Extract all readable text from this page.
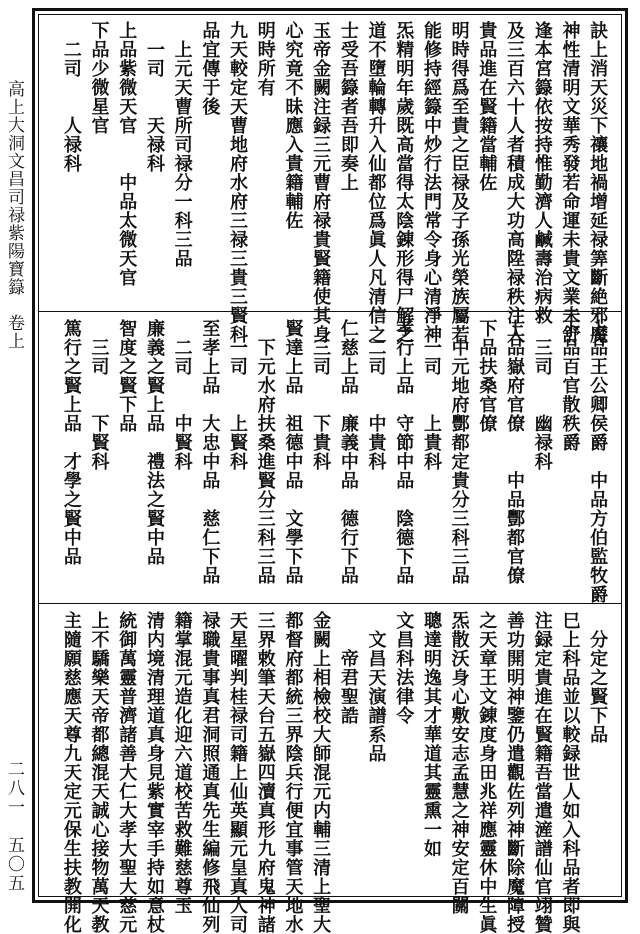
高上大洞文昌司禄紫陽寶籙　卷上
二八一　五〇五
訣上消天災下禳地禍增延禄筭斷絶邪魔
神性清明文華秀發若命運未貴文業未舒
逢本宮籙依按持惟勤濟人鹹壽治病救
及三百六十人者積成大功高陞禄秩注入
貴品進在賢籍當輔佐
明時得爲至貴之臣禄及子孫光榮族屬若
能修持經籙中炒行法門常令身心清淨神
炁精明年歲既高當得太陰錬形得尸解之
道不墮輪轉升入仙都位爲眞人凡清信之
士受吾籙者吾即奏上
玉帝金闕注録三元曹府禄貴賢籍使其身
心究竟不昧應入貴籍輔佐
明時所有
九天較定天曹地府水府三禄三貴三賢科
品宜傳于後
　上元天曹所司禄分一科三品
　一司　　天禄科
上品紫微天官　　中品太微天官
下品少微星官
　二司　　人禄科
上品王公卿侯爵　中品方伯監牧爵
下品百官散秩爵
　三司　　幽禄科
上品嶽府官僚　　中品酆都官僚
下品扶桑官僚
　中元地府酆都定貴分三科三品
　一司　　上貴科
孝行上品　守節中品　陰德下品
　二司　　中貴科
仁慈上品　廉義中品　德行下品
　三司　　下貴科
賢達上品　祖德中品　文學下品
　下元水府扶桑進賢分三科三品
　一司　　上賢科
至孝上品　大忠中品　慈仁下品
　二司　　中賢科
廉義之賢上品　禮法之賢中品
智度之賢下品
　三司　　下賢科
篤行之賢上品　才學之賢中品
　分定之賢下品
巳上科品並以較録世人如入科品者即與
注録定貴進在賢籍吾當遣滻譜仙官翊贊
善功開明神鑒仍遣觀佐列神斷除魔障授
之天章王文錬度身田兆祥應靈休中生眞
炁散沃身心敷安志孟慧之神安定百關
聰達明逸其才華道其靈熏一如
文昌科法律令
　文昌天演譜系品
　　帝君聖誥
金闕上相檢校大師混元内輔三清上聖大
都督府都統三界陰兵行便宜事管天地水
三界敕筆天台五嶽四瀆真形九府鬼神諸
天星曜判桂禄司籍上仙英顯元皇真人司
禄職貴事真君洞照通真先生編修飛仙列
籍掌混元造化迎六道校苦救難慈尊玉
清内境清理道真身見紫實宰手持如意杖
統御萬靈普濟諸善大仁大孝大聖大慈元
上不驕樂天帝都總混天誠心接物萬天教
主隨願慈應天尊九天定元保生扶教開化
